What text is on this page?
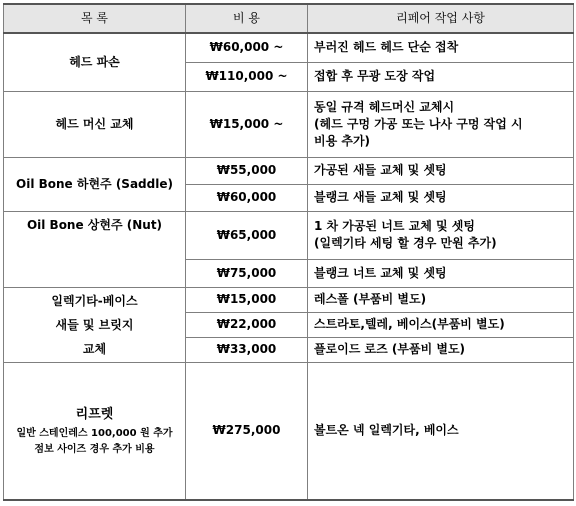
목 록	비 용	리페어 작업 사항
헤드 파손	₩60,000 ~	부러진 헤드 헤드 단순 접착
	₩110,000 ~	접합 후 무광 도장 작업
헤드 머신 교체	₩15,000 ~	동일 규격 헤드머신 교체시
(헤드 구멍 가공 또는 나사 구멍 작업 시
비용 추가)

Oil Bone 하현주 (Saddle)	₩55,000	가공된 새들 교체 및 셋팅
	₩60,000	블랭크 새들 교체 및 셋팅
Oil Bone 상현주 (Nut)	₩65,000	1 차 가공된 너트 교체 및 셋팅
(일렉기타 세팅 할 경우 만원 추가)

	₩75,000	블랭크 너트 교체 및 셋팅

일렉기타-베이스
새들 및 브릿지
교체	₩15,000	레스폴 (부품비 별도)
	₩22,000	스트라토,텔레, 베이스(부품비 별도)
	₩33,000	플로이드 로즈 (부품비 별도)

리프렛
일반 스테인레스 100,000 원 추가
점보 사이즈 경우 추가 비용	₩275,000	볼트온 넥 일렉기타, 베이스
